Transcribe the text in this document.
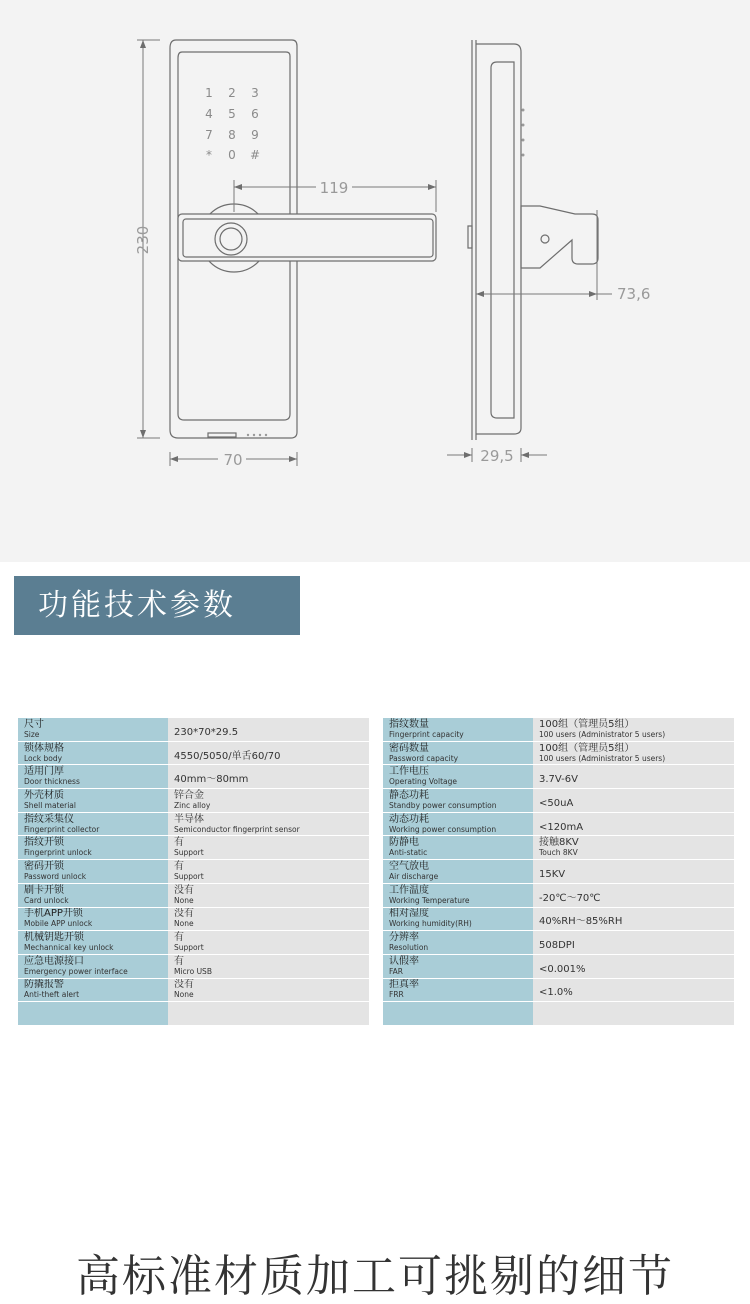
1 2 3
4 5 6
7 8 9
* 0 #
230
70
119
73,6
29,5
功能技术参数
尺寸
Size	230*70*29.5

锁体规格
Lock body	4550/5050/单舌60/70

适用门厚
Door thickness	40mm～80mm

外壳材质
Shell material	锌合金
Zinc alloy

指纹采集仪
Fingerprint collector	半导体
Semiconductor fingerprint sensor

指纹开锁
Fingerprint unlock	有
Support

密码开锁
Password unlock	有
Support

刷卡开锁
Card unlock	没有
None

手机APP开锁
Mobile APP unlock	没有
None

机械钥匙开锁
Mechannical key unlock	有
Support

应急电源接口
Emergency power interface	有
Micro USB

防撬报警
Anti-theft alert	没有
None

指纹数量
Fingerprint capacity	100组（管理员5组）
100 users (Administrator 5 users)

密码数量
Password capacity	100组（管理员5组）
100 users (Administrator 5 users)

工作电压
Operating Voltage	3.7V-6V

静态功耗
Standby power consumption	<50uA

动态功耗
Working power consumption	<120mA

防静电
Anti-static	接触8KV
Touch 8KV

空气放电
Air discharge	15KV

工作温度
Working Temperature	-20℃～70℃

相对湿度
Working humidity(RH)	40%RH～85%RH

分辨率
Resolution	508DPI

认假率
FAR	<0.001%

拒真率
FRR	<1.0%

高标准材质加工可挑剔的细节
